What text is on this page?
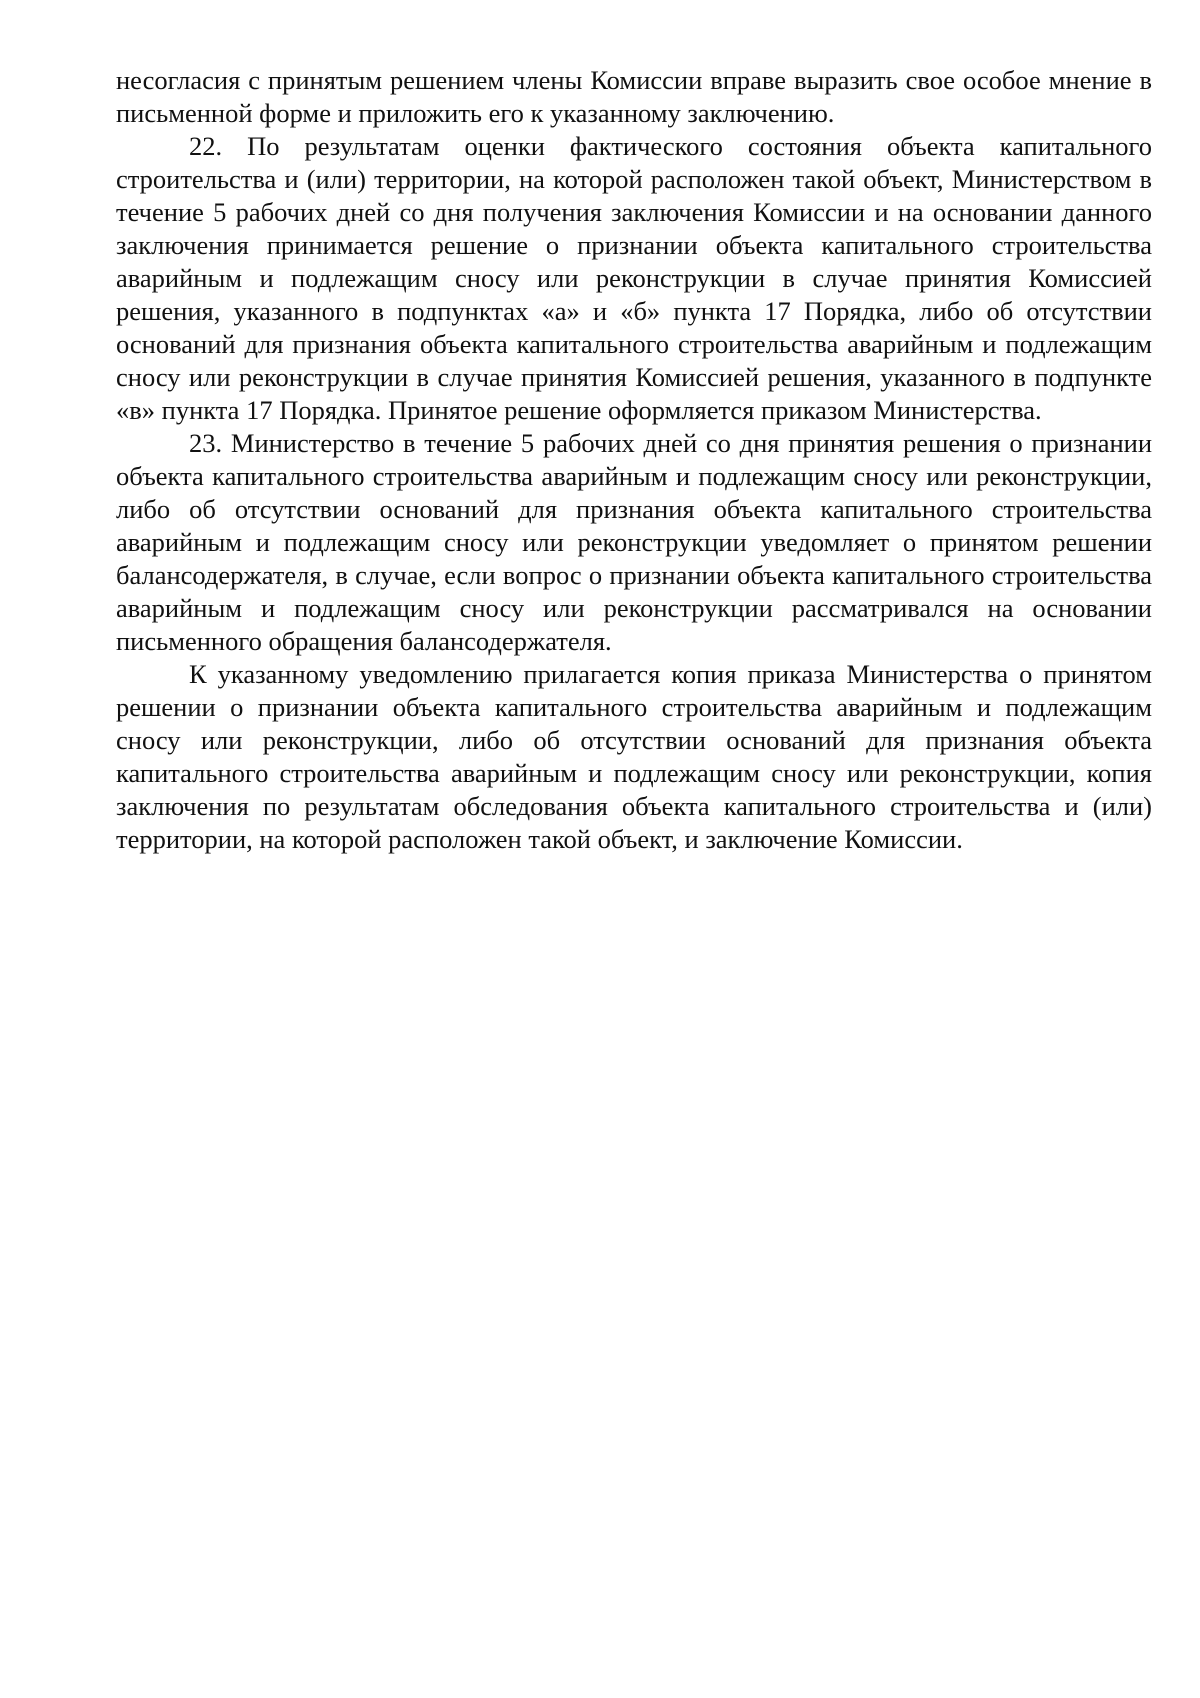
несогласия с принятым решением члены Комиссии вправе выразить свое особое мнение в письменной форме и приложить его к указанному заключению.

22. По результатам оценки фактического состояния объекта капитального строительства и (или) территории, на которой расположен такой объект, Министерством в течение 5 рабочих дней со дня получения заключения Комиссии и на основании данного заключения принимается решение о признании объекта капитального строительства аварийным и подлежащим сносу или реконструкции в случае принятия Комиссией решения, указанного в подпунктах «а» и «б» пункта 17 Порядка, либо об отсутствии оснований для признания объекта капитального строительства аварийным и подлежащим сносу или реконструкции в случае принятия Комиссией решения, указанного в подпункте «в» пункта 17 Порядка. Принятое решение оформляется приказом Министерства.

23. Министерство в течение 5 рабочих дней со дня принятия решения о признании объекта капитального строительства аварийным и подлежащим сносу или реконструкции, либо об отсутствии оснований для признания объекта капитального строительства аварийным и подлежащим сносу или реконструкции уведомляет о принятом решении балансодержателя, в случае, если вопрос о признании объекта капитального строительства аварийным и подлежащим сносу или реконструкции рассматривался на основании письменного обращения балансодержателя.

К указанному уведомлению прилагается копия приказа Министерства о принятом решении о признании объекта капитального строительства аварийным и подлежащим сносу или реконструкции, либо об отсутствии оснований для признания объекта капитального строительства аварийным и подлежащим сносу или реконструкции, копия заключения по результатам обследования объекта капитального строительства и (или) территории, на которой расположен такой объект, и заключение Комиссии.
